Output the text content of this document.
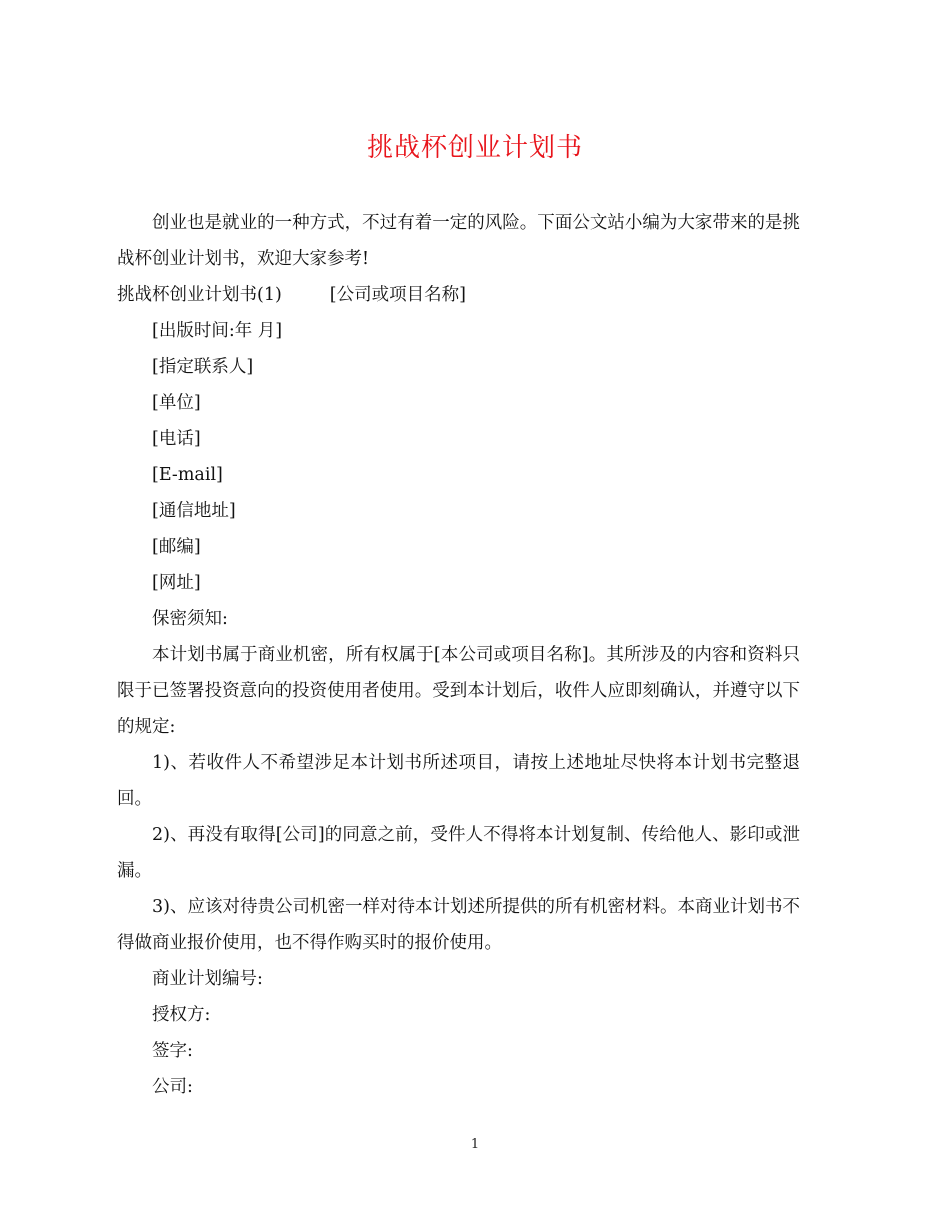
挑战杯创业计划书

创业也是就业的一种方式，不过有着一定的风险。下面公文站小编为大家带来的是挑战杯创业计划书，欢迎大家参考!

挑战杯创业计划书(1)	[公司或项目名称]

[出版时间:年 月]

[指定联系人]

[单位]

[电话]

[E-mail]

[通信地址]

[邮编]

[网址]

保密须知:

本计划书属于商业机密，所有权属于[本公司或项目名称]。其所涉及的内容和资料只限于已签署投资意向的投资使用者使用。受到本计划后，收件人应即刻确认，并遵守以下的规定:

1)、若收件人不希望涉足本计划书所述项目，请按上述地址尽快将本计划书完整退回。

2)、再没有取得[公司]的同意之前，受件人不得将本计划复制、传给他人、影印或泄漏。

3)、应该对待贵公司机密一样对待本计划述所提供的所有机密材料。本商业计划书不得做商业报价使用，也不得作购买时的报价使用。

商业计划编号:

授权方:

签字:

公司:

1
